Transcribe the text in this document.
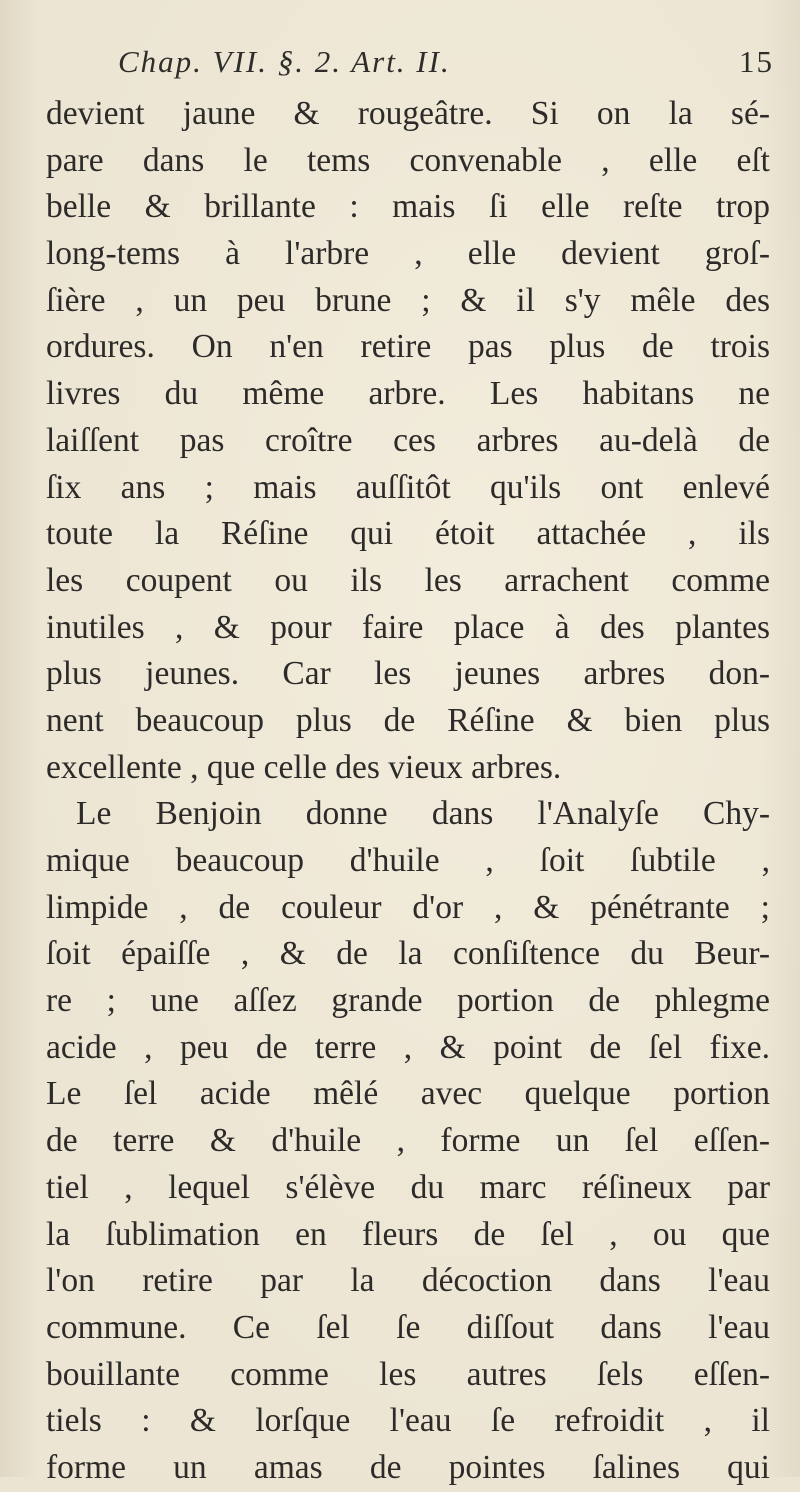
Chap. VII. §. 2. Art. II.	15
devient jaune & rougeâtre. Si on la sé-
pare dans le tems convenable , elle eſt
belle & brillante : mais ſi elle reſte trop
long-tems à l'arbre , elle devient groſ-
ſière , un peu brune ; & il s'y mêle des
ordures. On n'en retire pas plus de trois
livres du même arbre. Les habitans ne
laiſſent pas croître ces arbres au-delà de
ſix ans ; mais auſſitôt qu'ils ont enlevé
toute la Réſine qui étoit attachée , ils
les coupent ou ils les arrachent comme
inutiles , & pour faire place à des plantes
plus jeunes. Car les jeunes arbres don-
nent beaucoup plus de Réſine & bien plus
excellente , que celle des vieux arbres.
Le Benjoin donne dans l'Analyſe Chy-
mique beaucoup d'huile , ſoit ſubtile ,
limpide , de couleur d'or , & pénétrante ;
ſoit épaiſſe , & de la conſiſtence du Beur-
re ; une aſſez grande portion de phlegme
acide , peu de terre , & point de ſel fixe.
Le ſel acide mêlé avec quelque portion
de terre & d'huile , forme un ſel eſſen-
tiel , lequel s'élève du marc réſineux par
la ſublimation en fleurs de ſel , ou que
l'on retire par la décoction dans l'eau
commune. Ce ſel ſe diſſout dans l'eau
bouillante comme les autres ſels eſſen-
tiels : & lorſque l'eau ſe refroidit , il
forme un amas de pointes ſalines qui
